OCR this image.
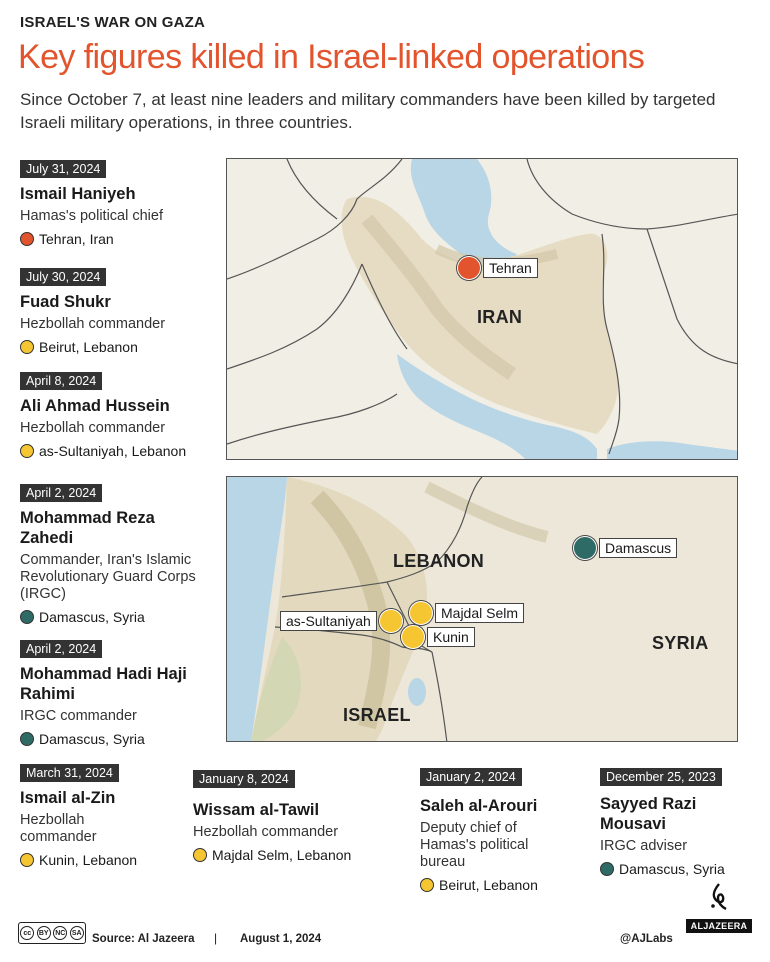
ISRAEL'S WAR ON GAZA
Key figures killed in Israel-linked operations
Since October 7, at least nine leaders and military commanders have been killed by targeted Israeli military operations, in three countries.
July 31, 2024
Ismail Haniyeh
Hamas's political chief
Tehran, Iran
July 30, 2024
Fuad Shukr
Hezbollah commander
Beirut, Lebanon
April 8, 2024
Ali Ahmad Hussein
Hezbollah commander
as-Sultaniyah, Lebanon
April 2, 2024
Mohammad Reza Zahedi
Commander, Iran's Islamic Revolutionary Guard Corps (IRGC)
Damascus, Syria
April 2, 2024
Mohammad Hadi Haji Rahimi
IRGC commander
Damascus, Syria
March 31, 2024
Ismail al-Zin
Hezbollah commander
Kunin, Lebanon
January 8, 2024
Wissam al-Tawil
Hezbollah commander
Majdal Selm, Lebanon
January 2, 2024
Saleh al-Arouri
Deputy chief of Hamas's political bureau
Beirut, Lebanon
December 25, 2023
Sayyed Razi Mousavi
IRGC adviser
Damascus, Syria
IRAN
Tehran
LEBANON
SYRIA
ISRAEL
Damascus
as-Sultaniyah	Majdal Selm
Kunin
cc	BY NC SA Source: Al Jazeera | August 1, 2024	@AJLabs
ALJAZEERA
